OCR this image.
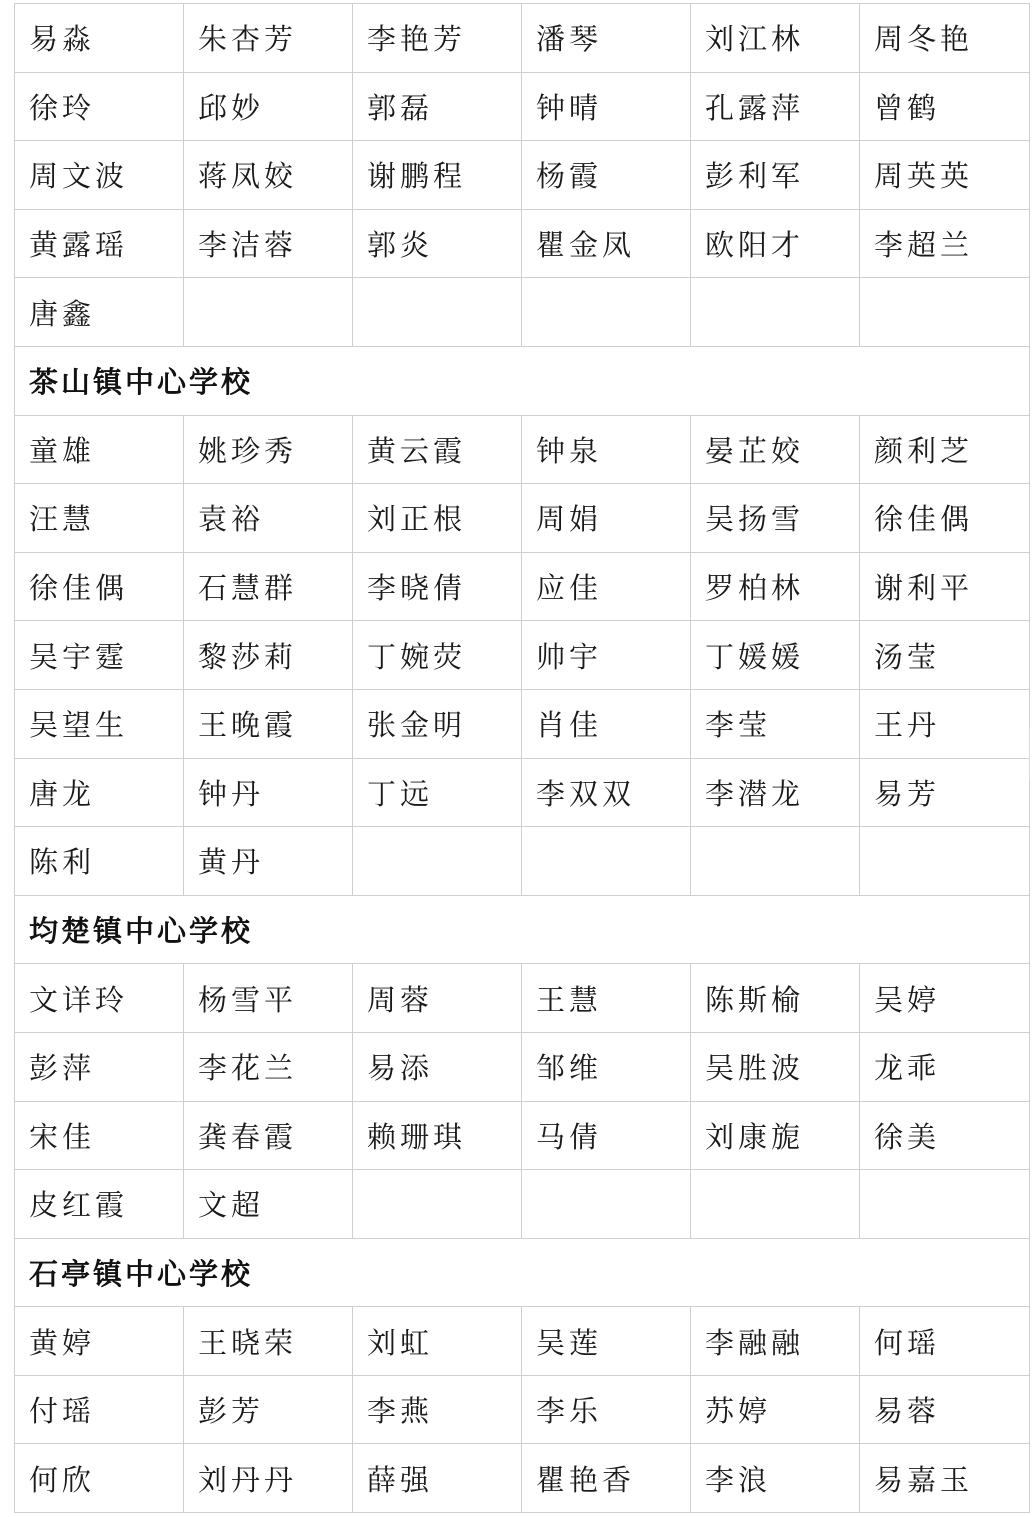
易淼	朱杏芳	李艳芳	潘琴	刘江林	周冬艳
徐玲	邱妙	郭磊	钟晴	孔露萍	曾鹤
周文波	蒋凤姣	谢鹏程	杨霞	彭利军	周英英
黄露瑶	李洁蓉	郭炎	瞿金凤	欧阳才	李超兰
唐鑫					
茶山镇中心学校					
童雄	姚珍秀	黄云霞	钟泉	晏芷姣	颜利芝
汪慧	袁裕	刘正根	周娟	吴扬雪	徐佳偶
徐佳偶	石慧群	李晓倩	应佳	罗柏林	谢利平
吴宇霆	黎莎莉	丁婉荧	帅宇	丁媛媛	汤莹
吴望生	王晚霞	张金明	肖佳	李莹	王丹
唐龙	钟丹	丁远	李双双	李潜龙	易芳
陈利	黄丹				
均楚镇中心学校					
文详玲	杨雪平	周蓉	王慧	陈斯榆	吴婷
彭萍	李花兰	易添	邹维	吴胜波	龙乖
宋佳	龚春霞	赖珊琪	马倩	刘康旎	徐美
皮红霞	文超				
石亭镇中心学校					
黄婷	王晓荣	刘虹	吴莲	李融融	何瑶
付瑶	彭芳	李燕	李乐	苏婷	易蓉
何欣	刘丹丹	薛强	瞿艳香	李浪	易嘉玉
